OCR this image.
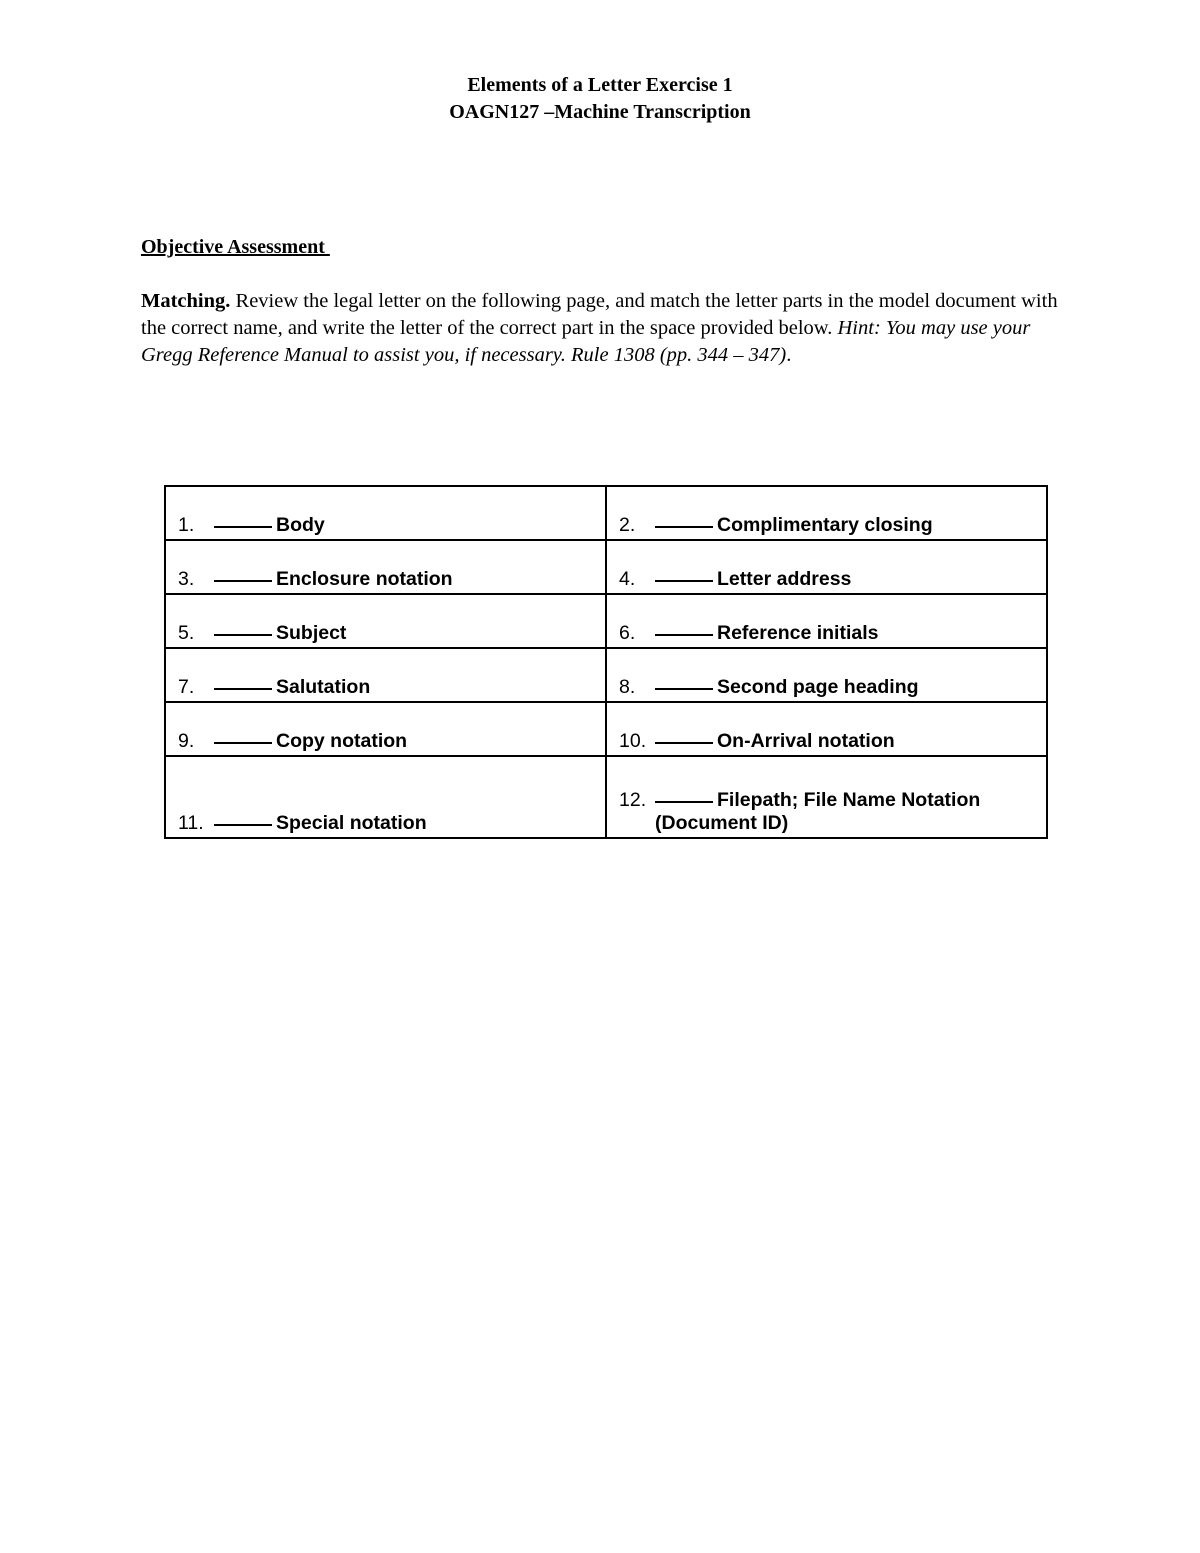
Elements of a Letter Exercise 1
OAGN127 –Machine Transcription
Objective Assessment
Matching. Review the legal letter on the following page, and match the letter parts in the model document with the correct name, and write the letter of the correct part in the space provided below. Hint: You may use your Gregg Reference Manual to assist you, if necessary. Rule 1308 (pp. 344 – 347).
1. Body	2. Complimentary closing
3. Enclosure notation	4. Letter address
5. Subject	6. Reference initials
7. Salutation	8. Second page heading
9. Copy notation	10. On-Arrival notation
11. Special notation	12. Filepath; File Name Notation
(Document ID)
